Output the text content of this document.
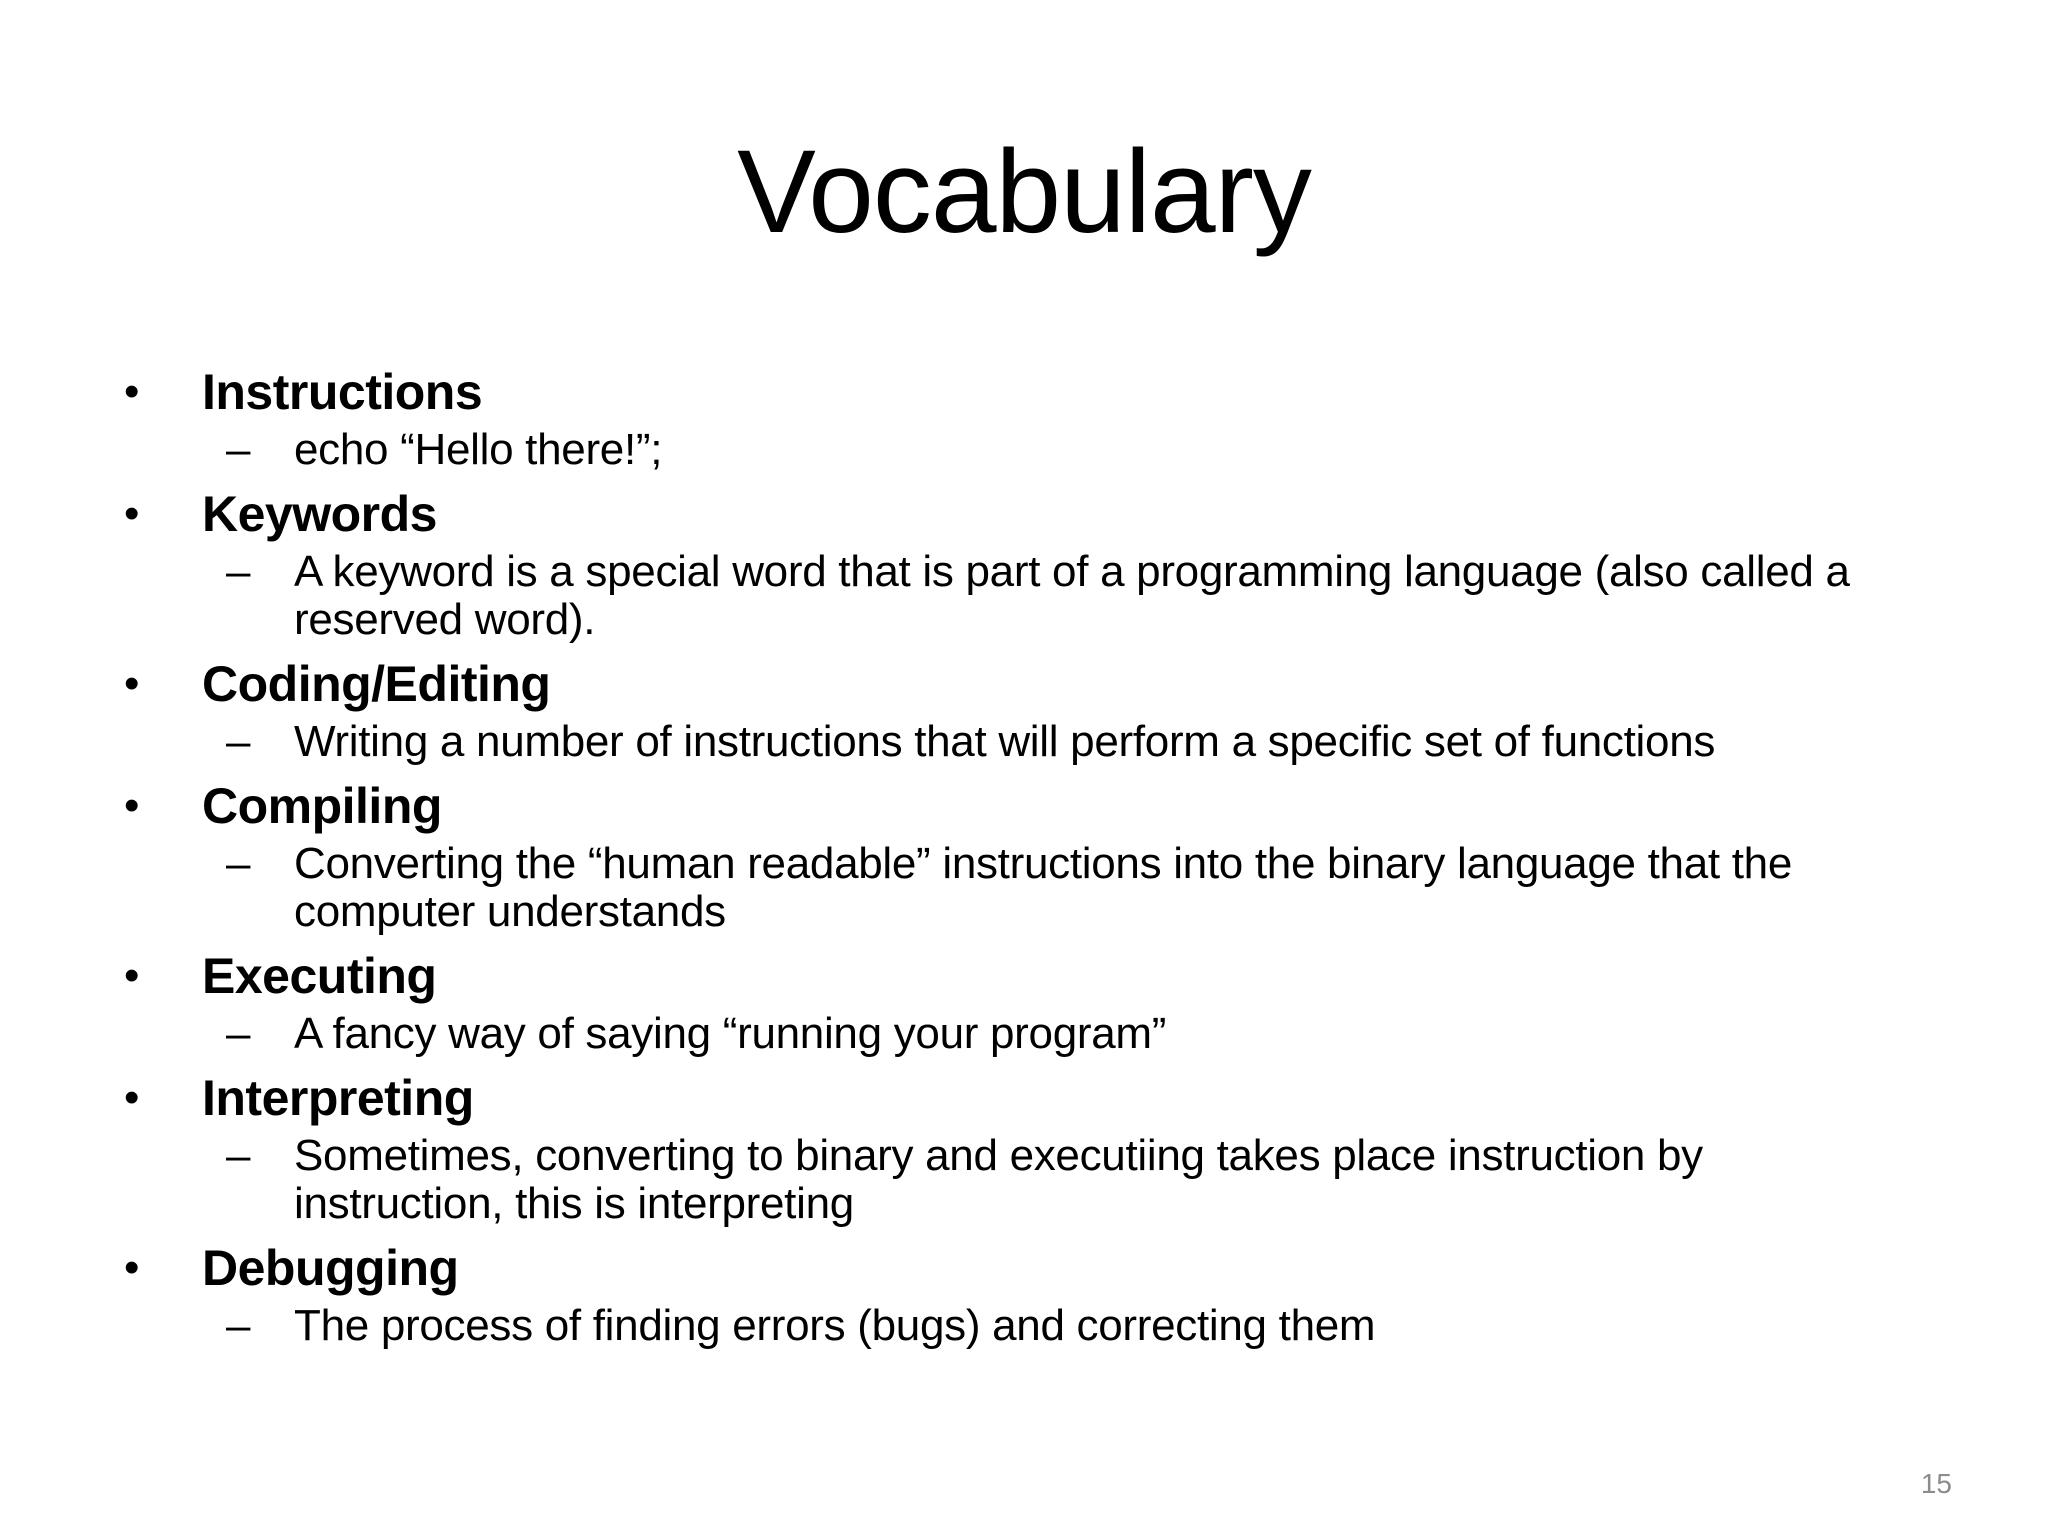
Vocabulary
• Instructions
– echo “Hello there!”;
• Keywords
– A keyword is a special word that is part of a programming language (also called a reserved word).
• Coding/Editing
– Writing a number of instructions that will perform a specific set of functions
• Compiling
– Converting the “human readable” instructions into the binary language that the computer understands
• Executing
– A fancy way of saying “running your program”
• Interpreting
– Sometimes, converting to binary and executiing takes place instruction by instruction, this is interpreting
• Debugging
– The process of finding errors (bugs) and correcting them
15
